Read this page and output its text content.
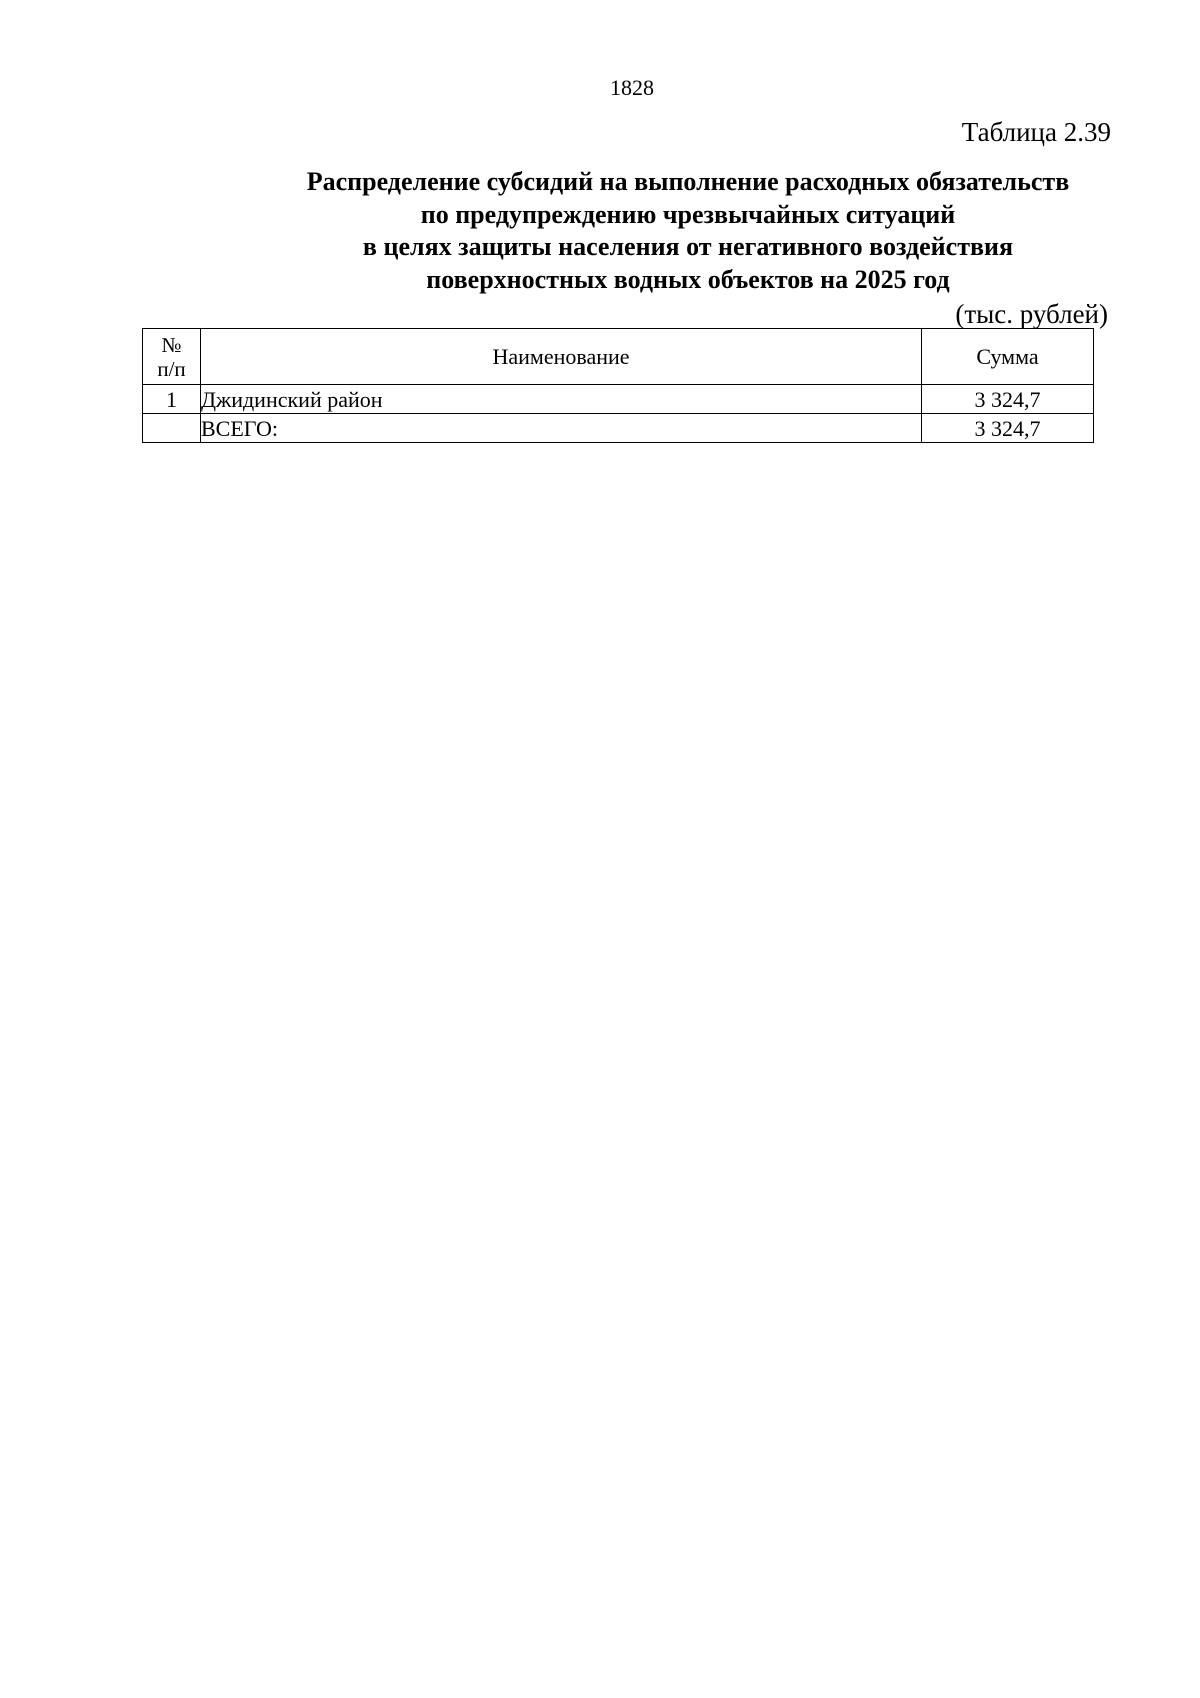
1828
Таблица 2.39
Распределение субсидий на выполнение расходных обязательств
по предупреждению чрезвычайных ситуаций
в целях защиты населения от негативного воздействия
поверхностных водных объектов на 2025 год
(тыс. рублей)
№
п/п	Наименование	Сумма
1	Джидинский район	3 324,7
	ВСЕГО:	3 324,7
